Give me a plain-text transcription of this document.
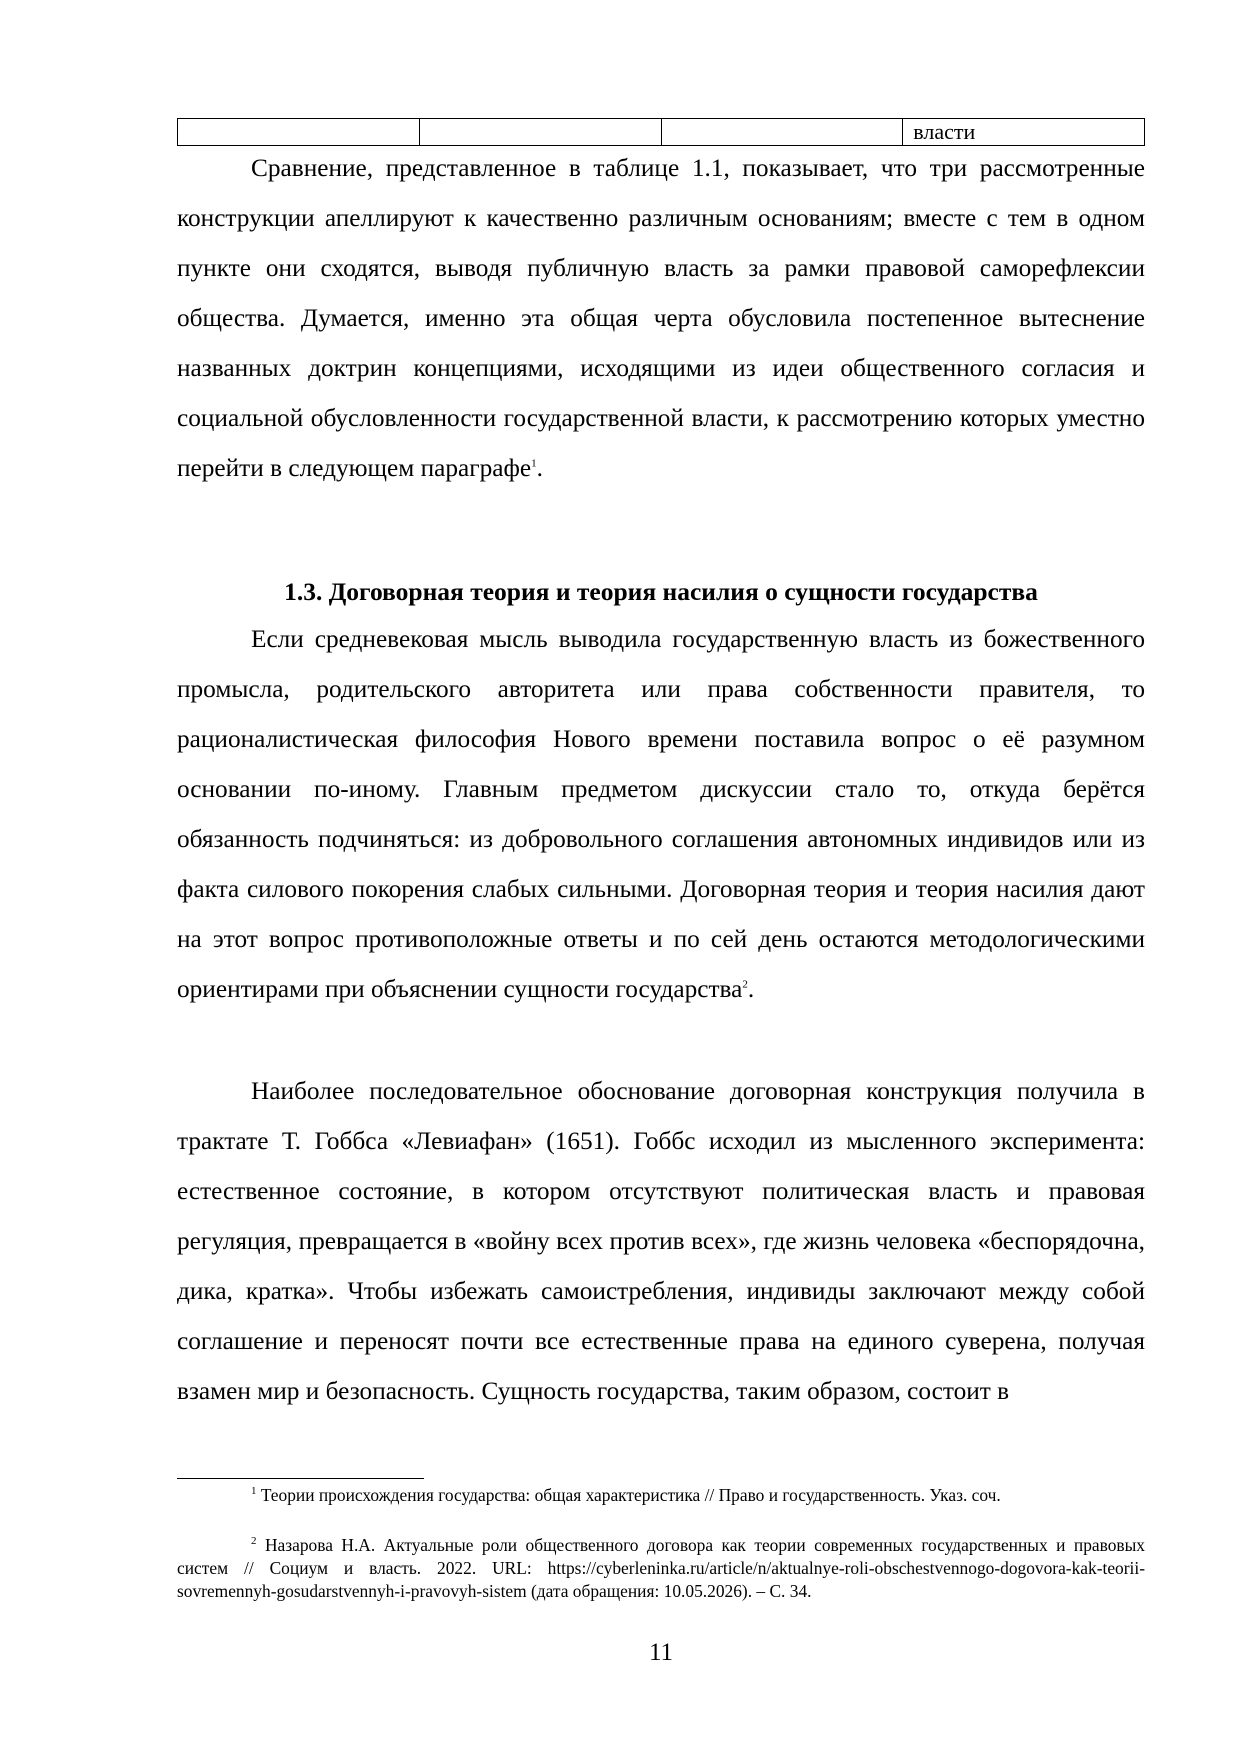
			власти

Сравнение, представленное в таблице 1.1, показывает, что три рассмотренные конструкции апеллируют к качественно различным основаниям; вместе с тем в одном пункте они сходятся, выводя публичную власть за рамки правовой саморефлексии общества. Думается, именно эта общая черта обусловила постепенное вытеснение названных доктрин концепциями, исходящими из идеи общественного согласия и социальной обусловленности государственной власти, к рассмотрению которых уместно перейти в следующем параграфе$^1$.

1.3. Договорная теория и теория насилия о сущности государства

Если средневековая мысль выводила государственную власть из божественного промысла, родительского авторитета или права собственности правителя, то рационалистическая философия Нового времени поставила вопрос о её разумном основании по-иному. Главным предметом дискуссии стало то, откуда берётся обязанность подчиняться: из добровольного соглашения автономных индивидов или из факта силового покорения слабых сильными. Договорная теория и теория насилия дают на этот вопрос противоположные ответы и по сей день остаются методологическими ориентирами при объяснении сущности государства$^2$.

Наиболее последовательное обоснование договорная конструкция получила в трактате Т. Гоббса «Левиафан» (1651). Гоббс исходил из мысленного эксперимента: естественное состояние, в котором отсутствуют политическая власть и правовая регуляция, превращается в «войну всех против всех», где жизнь человека «беспорядочна, дика, кратка». Чтобы избежать самоистребления, индивиды заключают между собой соглашение и переносят почти все естественные права на единого суверена, получая взамен мир и безопасность. Сущность государства, таким образом, состоит в

$^1$ Теории происхождения государства: общая характеристика // Право и государственность. Указ. соч.

$^2$ Назарова Н.А. Актуальные роли общественного договора как теории современных государственных и правовых систем // Социум и власть. 2022. URL: https://cyberleninka.ru/article/n/aktualnye-roli-obschestvennogo-dogovora-kak-teorii-sovremennyh-gosudarstvennyh-i-pravovyh-sistem (дата обращения: 10.05.2026). – С. 34.

11
